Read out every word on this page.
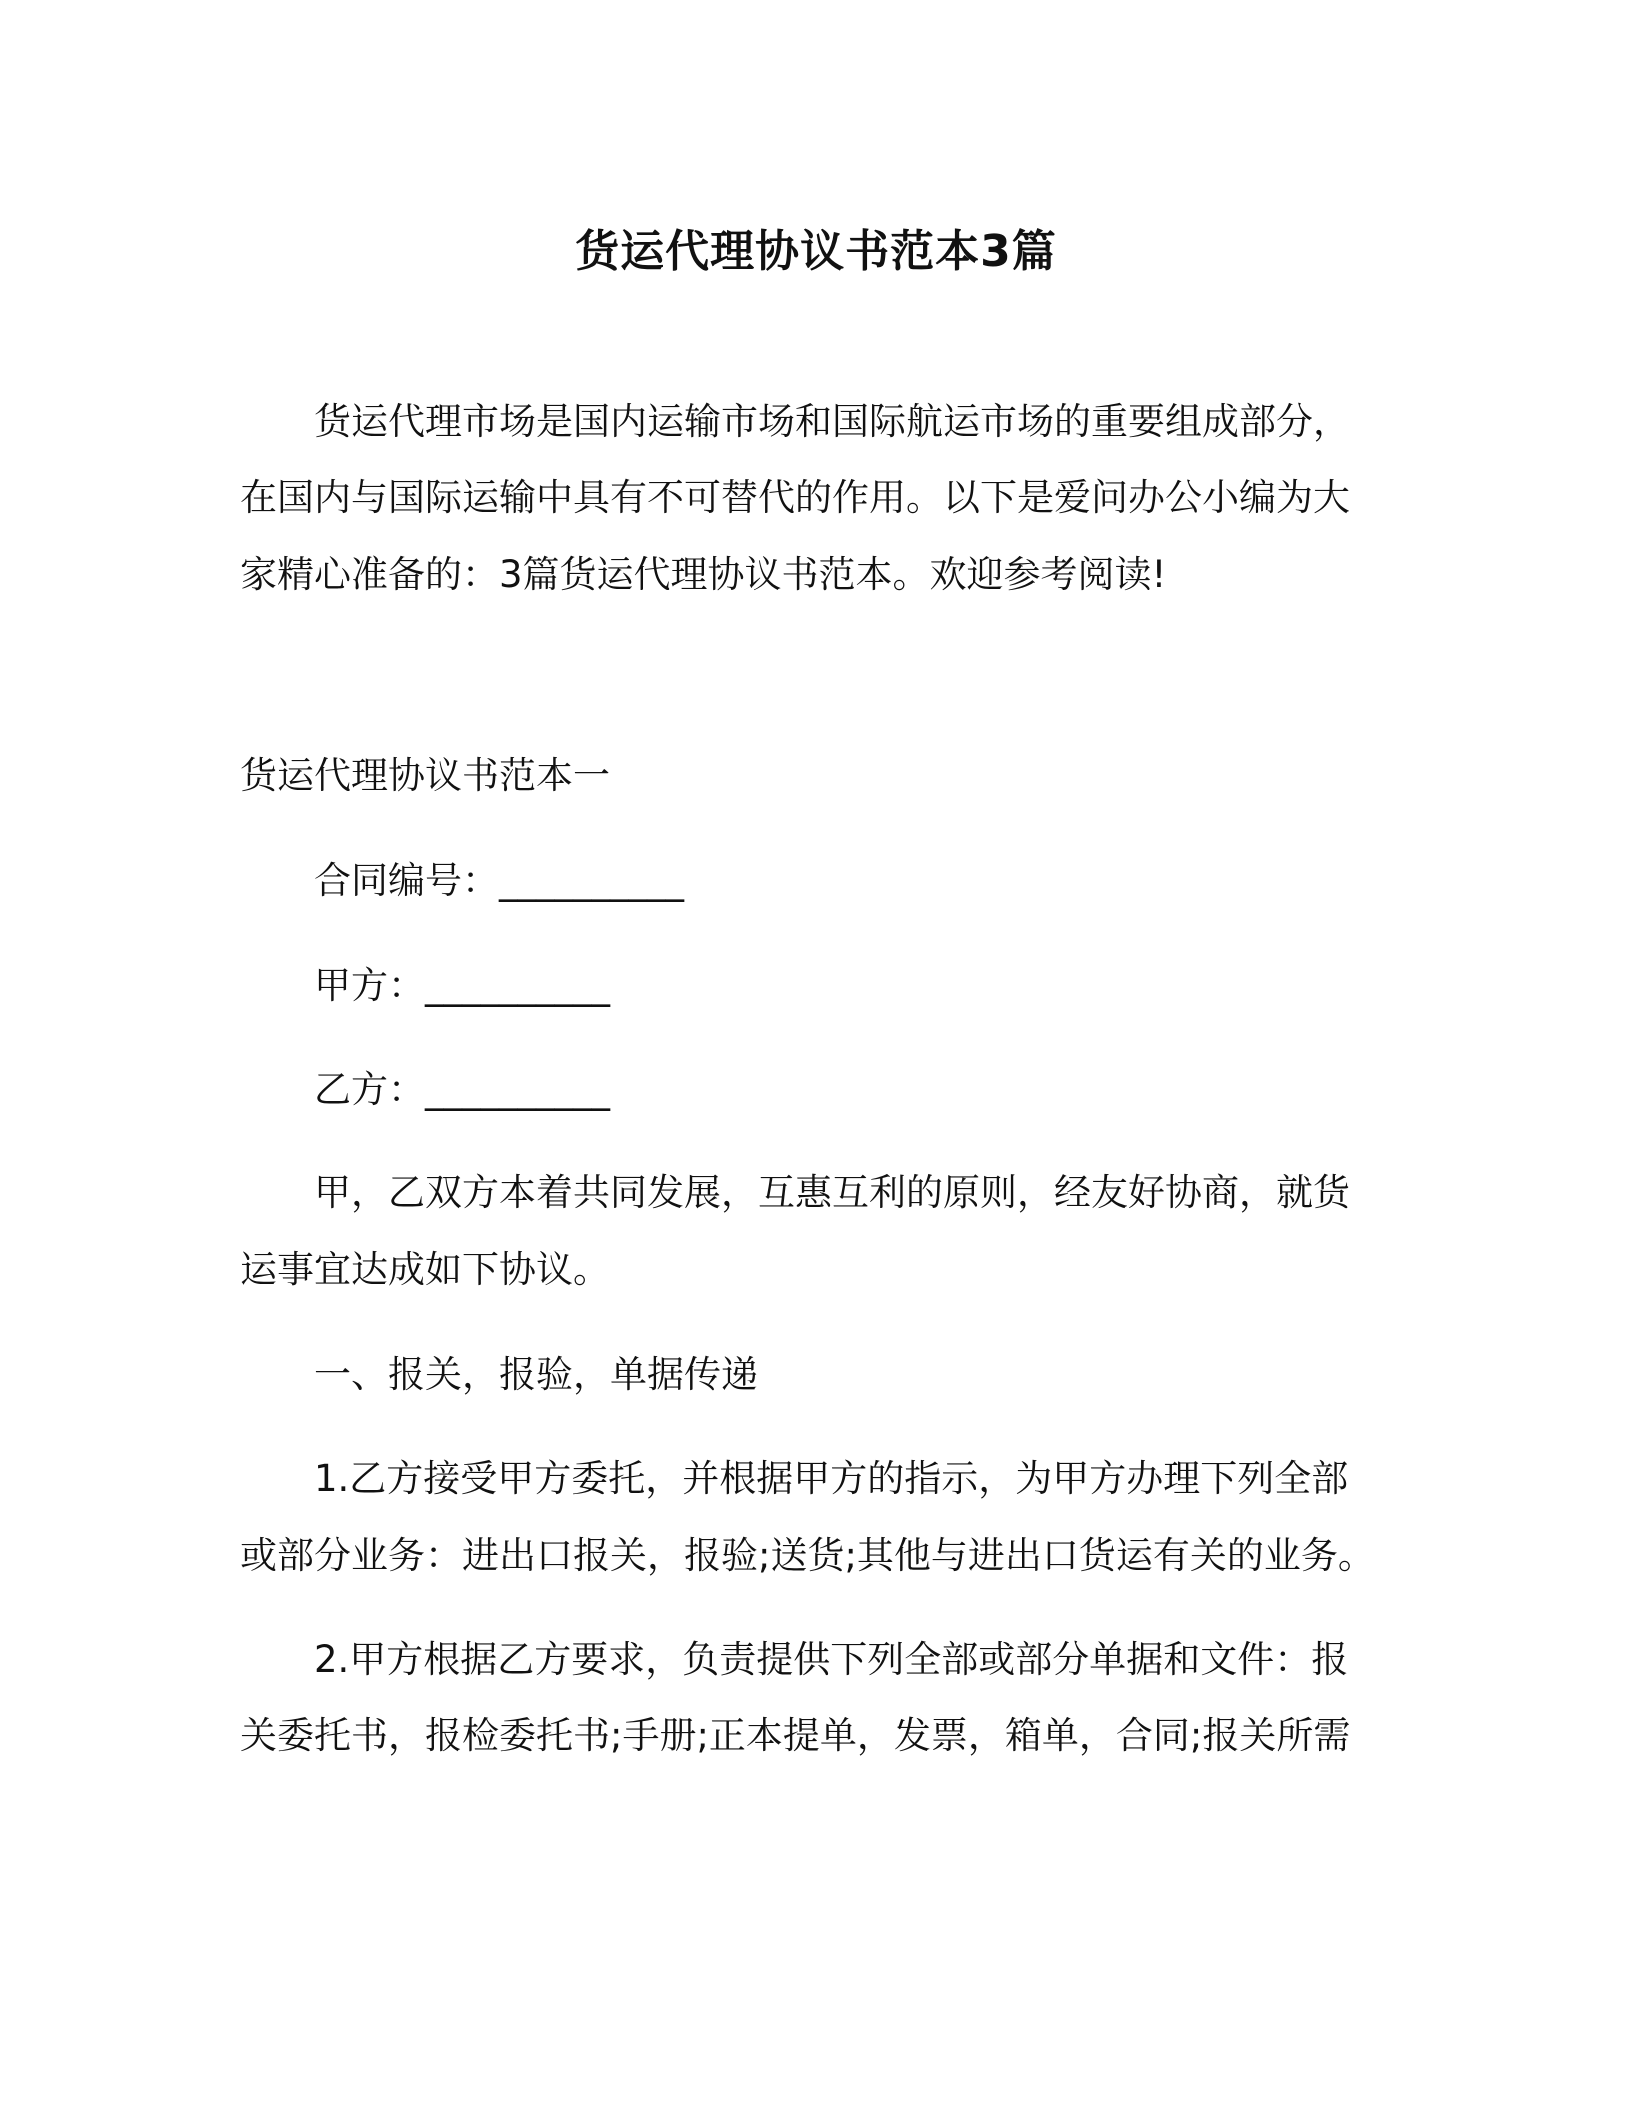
货运代理协议书范本3篇
货运代理市场是国内运输市场和国际航运市场的重要组成部分，
在国内与国际运输中具有不可替代的作用。以下是爱问办公小编为大
家精心准备的：3篇货运代理协议书范本。欢迎参考阅读!
货运代理协议书范本一
合同编号：__________
甲方：__________
乙方：__________
甲，乙双方本着共同发展，互惠互利的原则，经友好协商，就货
运事宜达成如下协议。
一、报关，报验，单据传递
1.乙方接受甲方委托，并根据甲方的指示，为甲方办理下列全部
或部分业务：进出口报关，报验;送货;其他与进出口货运有关的业务。
2.甲方根据乙方要求，负责提供下列全部或部分单据和文件：报
关委托书，报检委托书;手册;正本提单，发票，箱单，合同;报关所需
